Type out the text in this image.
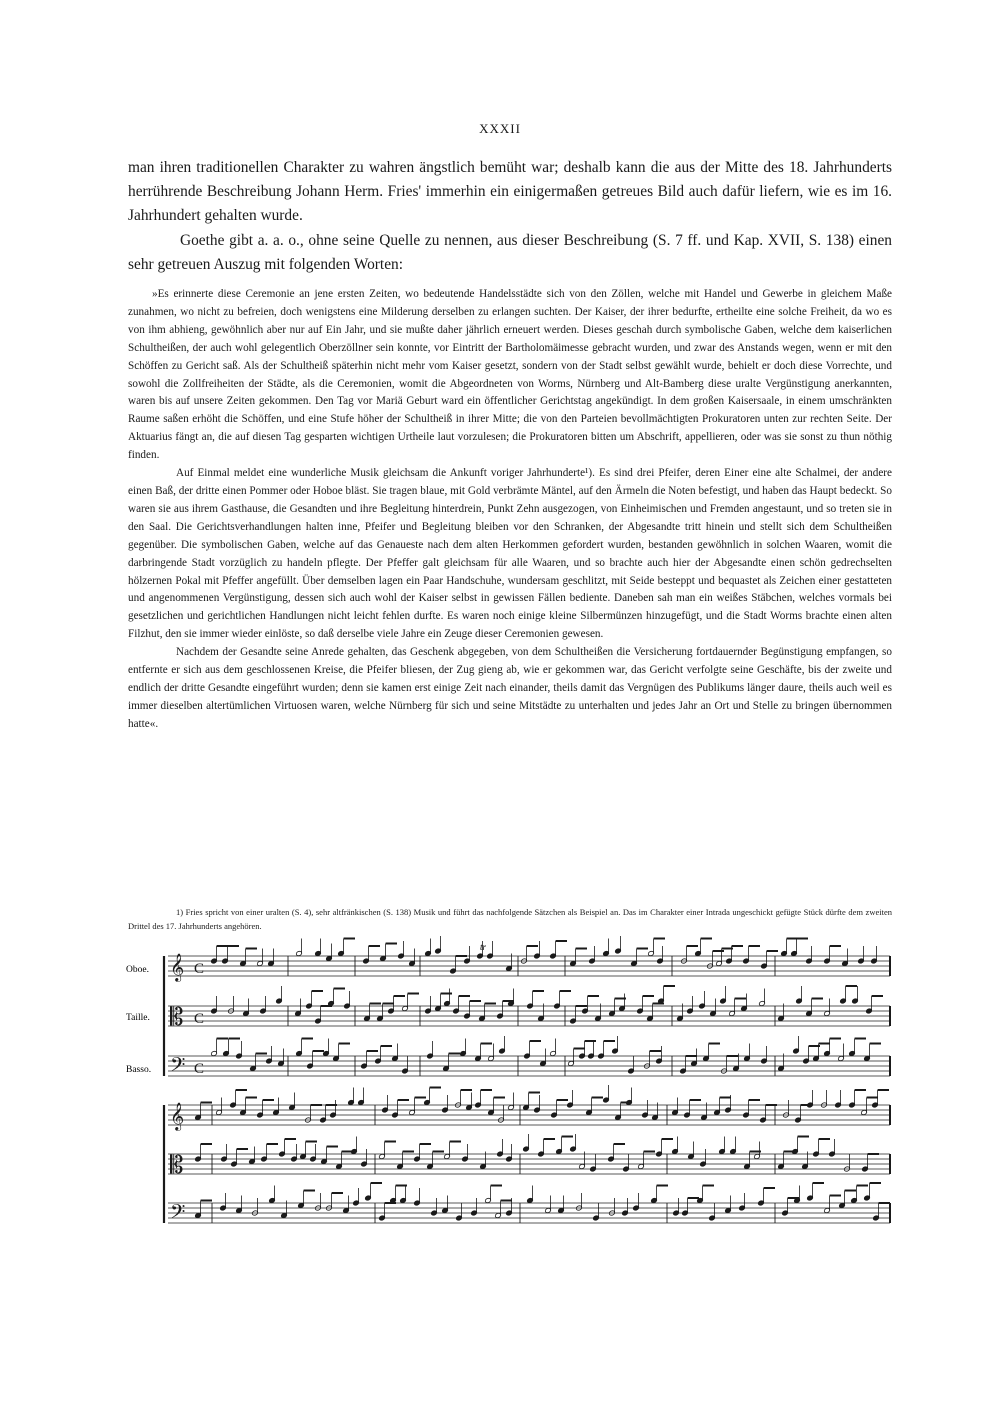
XXXII

man ihren traditionellen Charakter zu wahren ängstlich bemüht war; deshalb kann die aus der Mitte des 18. Jahrhunderts herrührende Beschreibung Johann Herm. Fries' immerhin ein einigermaßen getreues Bild auch dafür liefern, wie es im 16. Jahrhundert gehalten wurde.

Goethe gibt a. a. o., ohne seine Quelle zu nennen, aus dieser Beschreibung (S. 7 ff. und Kap. XVII, S. 138) einen sehr getreuen Auszug mit folgenden Worten:

»Es erinnerte diese Ceremonie an jene ersten Zeiten, wo bedeutende Handelsstädte sich von den Zöllen, welche mit Handel und Gewerbe in gleichem Maße zunahmen, wo nicht zu befreien, doch wenigstens eine Milderung derselben zu erlangen suchten. Der Kaiser, der ihrer bedurfte, ertheilte eine solche Freiheit, da wo es von ihm abhieng, gewöhnlich aber nur auf Ein Jahr, und sie mußte daher jährlich erneuert werden. Dieses geschah durch symbolische Gaben, welche dem kaiserlichen Schultheißen, der auch wohl gelegentlich Oberzöllner sein konnte, vor Eintritt der Bartholomäimesse gebracht wurden, und zwar des Anstands wegen, wenn er mit den Schöffen zu Gericht saß. Als der Schultheiß späterhin nicht mehr vom Kaiser gesetzt, sondern von der Stadt selbst gewählt wurde, behielt er doch diese Vorrechte, und sowohl die Zollfreiheiten der Städte, als die Ceremonien, womit die Abgeordneten von Worms, Nürnberg und Alt-Bamberg diese uralte Vergünstigung anerkannten, waren bis auf unsere Zeiten gekommen. Den Tag vor Mariä Geburt ward ein öffentlicher Gerichtstag angekündigt. In dem großen Kaisersaale, in einem umschränkten Raume saßen erhöht die Schöffen, und eine Stufe höher der Schultheiß in ihrer Mitte; die von den Parteien bevollmächtigten Prokuratoren unten zur rechten Seite. Der Aktuarius fängt an, die auf diesen Tag gesparten wichtigen Urtheile laut vorzulesen; die Prokuratoren bitten um Abschrift, appellieren, oder was sie sonst zu thun nöthig finden.

Auf Einmal meldet eine wunderliche Musik gleichsam die Ankunft voriger Jahrhunderte¹). Es sind drei Pfeifer, deren Einer eine alte Schalmei, der andere einen Baß, der dritte einen Pommer oder Hoboe bläst. Sie tragen blaue, mit Gold verbrämte Mäntel, auf den Ärmeln die Noten befestigt, und haben das Haupt bedeckt. So waren sie aus ihrem Gasthause, die Gesandten und ihre Begleitung hinterdrein, Punkt Zehn ausgezogen, von Einheimischen und Fremden angestaunt, und so treten sie in den Saal. Die Gerichtsverhandlungen halten inne, Pfeifer und Begleitung bleiben vor den Schranken, der Abgesandte tritt hinein und stellt sich dem Schultheißen gegenüber. Die symbolischen Gaben, welche auf das Genaueste nach dem alten Herkommen gefordert wurden, bestanden gewöhnlich in solchen Waaren, womit die darbringende Stadt vorzüglich zu handeln pflegte. Der Pfeffer galt gleichsam für alle Waaren, und so brachte auch hier der Abgesandte einen schön gedrechselten hölzernen Pokal mit Pfeffer angefüllt. Über demselben lagen ein Paar Handschuhe, wundersam geschlitzt, mit Seide besteppt und bequastet als Zeichen einer gestatteten und angenommenen Vergünstigung, dessen sich auch wohl der Kaiser selbst in gewissen Fällen bediente. Daneben sah man ein weißes Stäbchen, welches vormals bei gesetzlichen und gerichtlichen Handlungen nicht leicht fehlen durfte. Es waren noch einige kleine Silbermünzen hinzugefügt, und die Stadt Worms brachte einen alten Filzhut, den sie immer wieder einlöste, so daß derselbe viele Jahre ein Zeuge dieser Ceremonien gewesen.

Nachdem der Gesandte seine Anrede gehalten, das Geschenk abgegeben, von dem Schultheißen die Versicherung fortdauernder Begünstigung empfangen, so entfernte er sich aus dem geschlossenen Kreise, die Pfeifer bliesen, der Zug gieng ab, wie er gekommen war, das Gericht verfolgte seine Geschäfte, bis der zweite und endlich der dritte Gesandte eingeführt wurden; denn sie kamen erst einige Zeit nach einander, theils damit das Vergnügen des Publikums länger daure, theils auch weil es immer dieselben altertümlichen Virtuosen waren, welche Nürnberg für sich und seine Mitstädte zu unterhalten und jedes Jahr an Ort und Stelle zu bringen übernommen hatte«.

1) Fries spricht von einer uralten (S. 4), sehr altfränkischen (S. 138) Musik und führt das nachfolgende Sätzchen als Beispiel an. Das im Charakter einer Intrada ungeschickt gefügte Stück dürfte dem zweiten Drittel des 17. Jahrhunderts angehören.

𝄞 C
𝄡 C
𝄢 C
𝄞
𝄡
𝄢
Oboe.
Taille.
Basso.
tr
